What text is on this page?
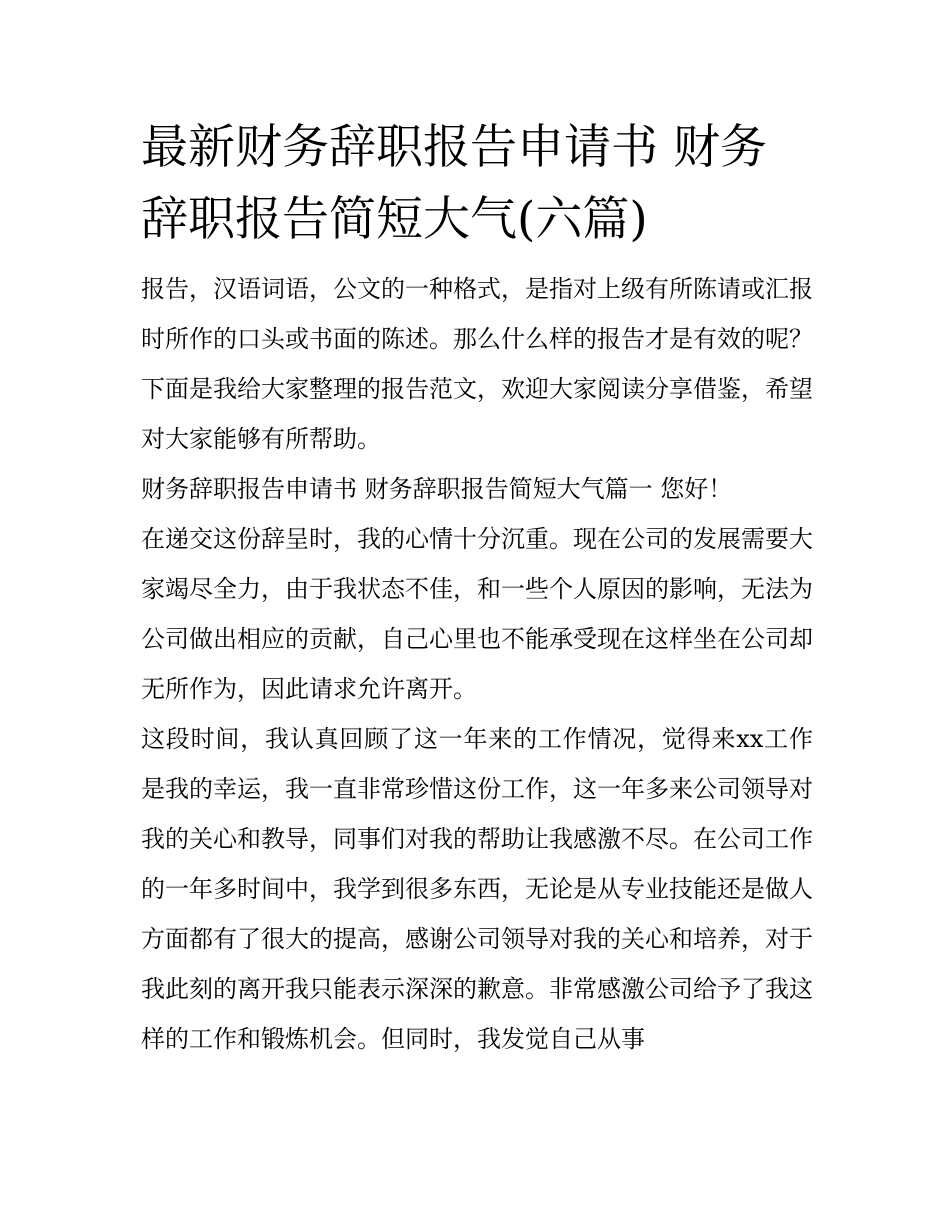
最新财务辞职报告申请书 财务辞职报告简短大气(六篇)

报告，汉语词语，公文的一种格式，是指对上级有所陈请或汇报时所作的口头或书面的陈述。那么什么样的报告才是有效的呢？下面是我给大家整理的报告范文，欢迎大家阅读分享借鉴，希望对大家能够有所帮助。

财务辞职报告申请书 财务辞职报告简短大气篇一 您好！

在递交这份辞呈时，我的心情十分沉重。现在公司的发展需要大家竭尽全力，由于我状态不佳，和一些个人原因的影响，无法为公司做出相应的贡献，自己心里也不能承受现在这样坐在公司却无所作为，因此请求允许离开。

这段时间，我认真回顾了这一年来的工作情况，觉得来xx工作是我的幸运，我一直非常珍惜这份工作，这一年多来公司领导对我的关心和教导，同事们对我的帮助让我感激不尽。在公司工作的一年多时间中，我学到很多东西，无论是从专业技能还是做人方面都有了很大的提高，感谢公司领导对我的关心和培养，对于我此刻的离开我只能表示深深的歉意。非常感激公司给予了我这样的工作和锻炼机会。但同时，我发觉自己从事
